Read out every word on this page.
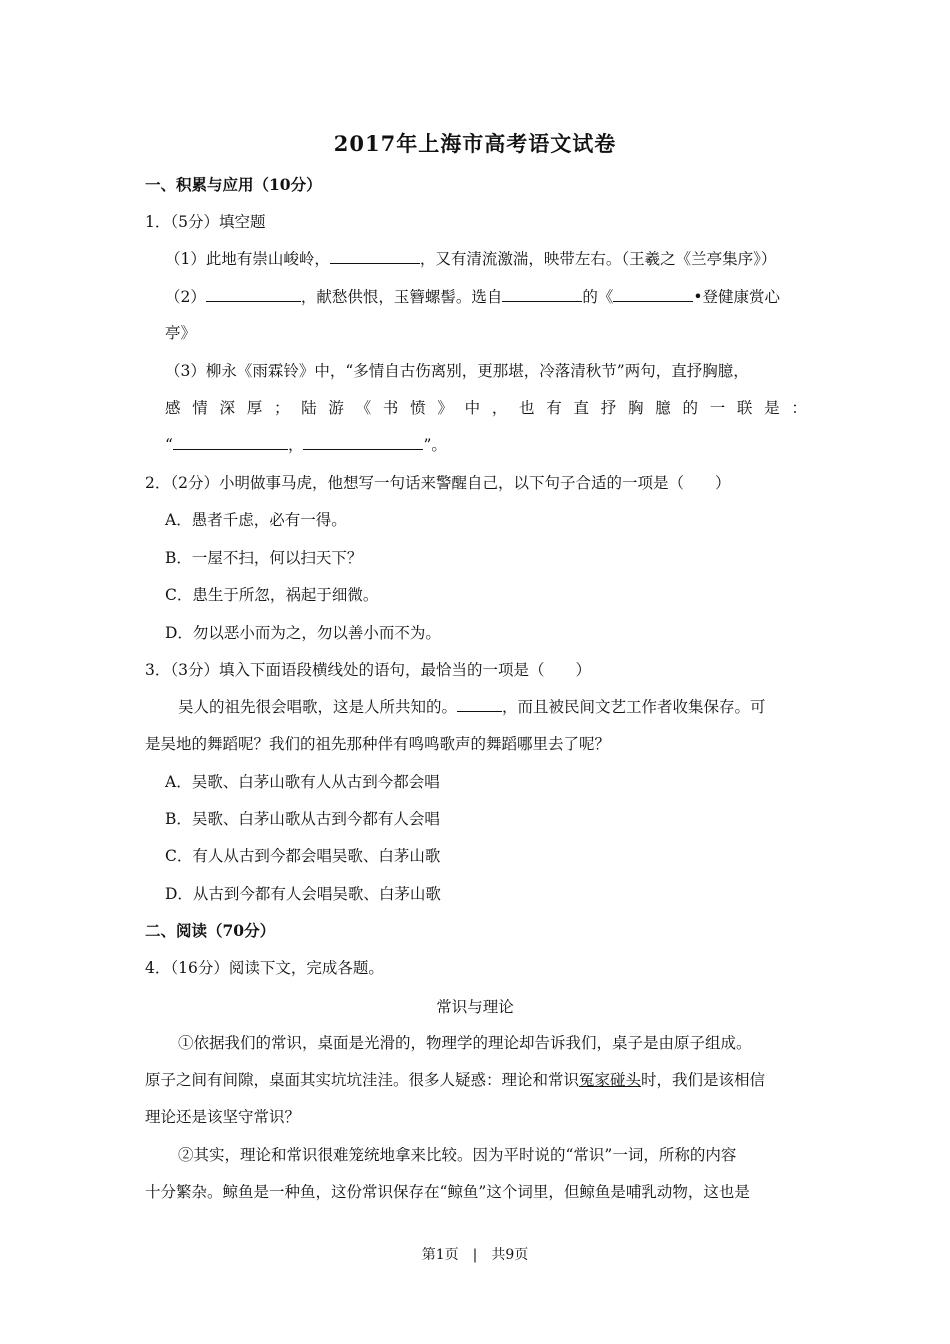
2017年上海市高考语文试卷
一、积累与应用（10分）
1．（5分）填空题
（1）此地有崇山峻岭，	，又有清流激湍，映带左右。（王羲之《兰亭集序》）
（2）	，献愁供恨，玉簪螺髻。选自	的《	•登健康赏心
亭》
（3）柳永《雨霖铃》中，“多情自古伤离别，更那堪，冷落清秋节”两句，直抒胸臆，
感 情 深 厚 ； 陆 游 《 书 愤 》 中 ， 也 有 直 抒 胸 臆 的 一 联 是 ：
“	，	”。
2．（2分）小明做事马虎，他想写一句话来警醒自己，以下句子合适的一项是（　　）
A．愚者千虑，必有一得。
B．一屋不扫，何以扫天下？
C．患生于所忽，祸起于细微。
D．勿以恶小而为之，勿以善小而不为。
3．（3分）填入下面语段横线处的语句，最恰当的一项是（　　）
吴人的祖先很会唱歌，这是人所共知的。	，而且被民间文艺工作者收集保存。可
是吴地的舞蹈呢？我们的祖先那种伴有鸣鸣歌声的舞蹈哪里去了呢？
A．吴歌、白茅山歌有人从古到今都会唱
B．吴歌、白茅山歌从古到今都有人会唱
C．有人从古到今都会唱吴歌、白茅山歌
D．从古到今都有人会唱吴歌、白茅山歌
二、阅读（70分）
4．（16分）阅读下文，完成各题。
常识与理论
①依据我们的常识，桌面是光滑的，物理学的理论却告诉我们，桌子是由原子组成。
原子之间有间隙，桌面其实坑坑洼洼。很多人疑惑：理论和常识冤家碰头时，我们是该相信
理论还是该坚守常识？
②其实，理论和常识很难笼统地拿来比较。因为平时说的“常识”一词，所称的内容
十分繁杂。鲸鱼是一种鱼，这份常识保存在“鲸鱼”这个词里，但鲸鱼是哺乳动物，这也是
第1页　|　共9页
